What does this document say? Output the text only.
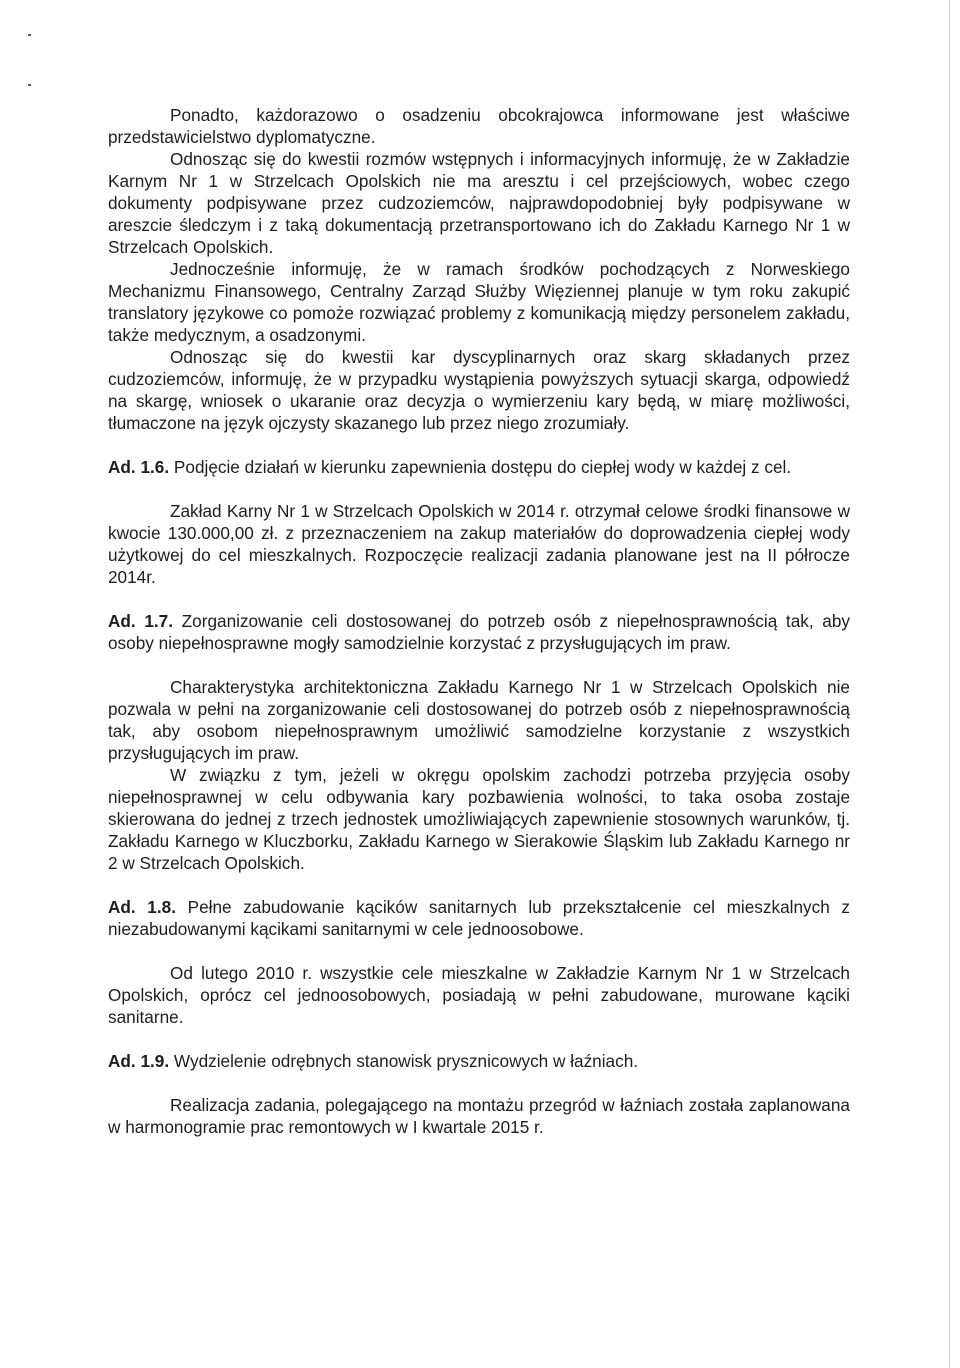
Ponadto, każdorazowo o osadzeniu obcokrajowca informowane jest właściwe przedstawicielstwo dyplomatyczne.

Odnosząc się do kwestii rozmów wstępnych i informacyjnych informuję, że w Zakładzie Karnym Nr 1 w Strzelcach Opolskich nie ma aresztu i cel przejściowych, wobec czego dokumenty podpisywane przez cudzoziemców, najprawdopodobniej były podpisywane w areszcie śledczym i z taką dokumentacją przetransportowano ich do Zakładu Karnego Nr 1 w Strzelcach Opolskich.

Jednocześnie informuję, że w ramach środków pochodzących z Norweskiego Mechanizmu Finansowego, Centralny Zarząd Służby Więziennej planuje w tym roku zakupić translatory językowe co pomoże rozwiązać problemy z komunikacją między personelem zakładu, także medycznym, a osadzonymi.

Odnosząc się do kwestii kar dyscyplinarnych oraz skarg składanych przez cudzoziemców, informuję, że w przypadku wystąpienia powyższych sytuacji skarga, odpowiedź na skargę, wniosek o ukaranie oraz decyzja o wymierzeniu kary będą, w miarę możliwości, tłumaczone na język ojczysty skazanego lub przez niego zrozumiały.

Ad. 1.6. Podjęcie działań w kierunku zapewnienia dostępu do ciepłej wody w każdej z cel.

Zakład Karny Nr 1 w Strzelcach Opolskich w 2014 r. otrzymał celowe środki finansowe w kwocie 130.000,00 zł. z przeznaczeniem na zakup materiałów do doprowadzenia ciepłej wody użytkowej do cel mieszkalnych. Rozpoczęcie realizacji zadania planowane jest na II półrocze 2014r.

Ad. 1.7. Zorganizowanie celi dostosowanej do potrzeb osób z niepełnosprawnością tak, aby osoby niepełnosprawne mogły samodzielnie korzystać z przysługujących im praw.

Charakterystyka architektoniczna Zakładu Karnego Nr 1 w Strzelcach Opolskich nie pozwala w pełni na zorganizowanie celi dostosowanej do potrzeb osób z niepełnosprawnością tak, aby osobom niepełnosprawnym umożliwić samodzielne korzystanie z wszystkich przysługujących im praw.

W związku z tym, jeżeli w okręgu opolskim zachodzi potrzeba przyjęcia osoby niepełnosprawnej w celu odbywania kary pozbawienia wolności, to taka osoba zostaje skierowana do jednej z trzech jednostek umożliwiających zapewnienie stosownych warunków, tj. Zakładu Karnego w Kluczborku, Zakładu Karnego w Sierakowie Śląskim lub Zakładu Karnego nr 2 w Strzelcach Opolskich.

Ad. 1.8. Pełne zabudowanie kącików sanitarnych lub przekształcenie cel mieszkalnych z niezabudowanymi kącikami sanitarnymi w cele jednoosobowe.

Od lutego 2010 r. wszystkie cele mieszkalne w Zakładzie Karnym Nr 1 w Strzelcach Opolskich, oprócz cel jednoosobowych, posiadają w pełni zabudowane, murowane kąciki sanitarne.

Ad. 1.9. Wydzielenie odrębnych stanowisk prysznicowych w łaźniach.

Realizacja zadania, polegającego na montażu przegród w łaźniach została zaplanowana w harmonogramie prac remontowych w I kwartale 2015 r.
